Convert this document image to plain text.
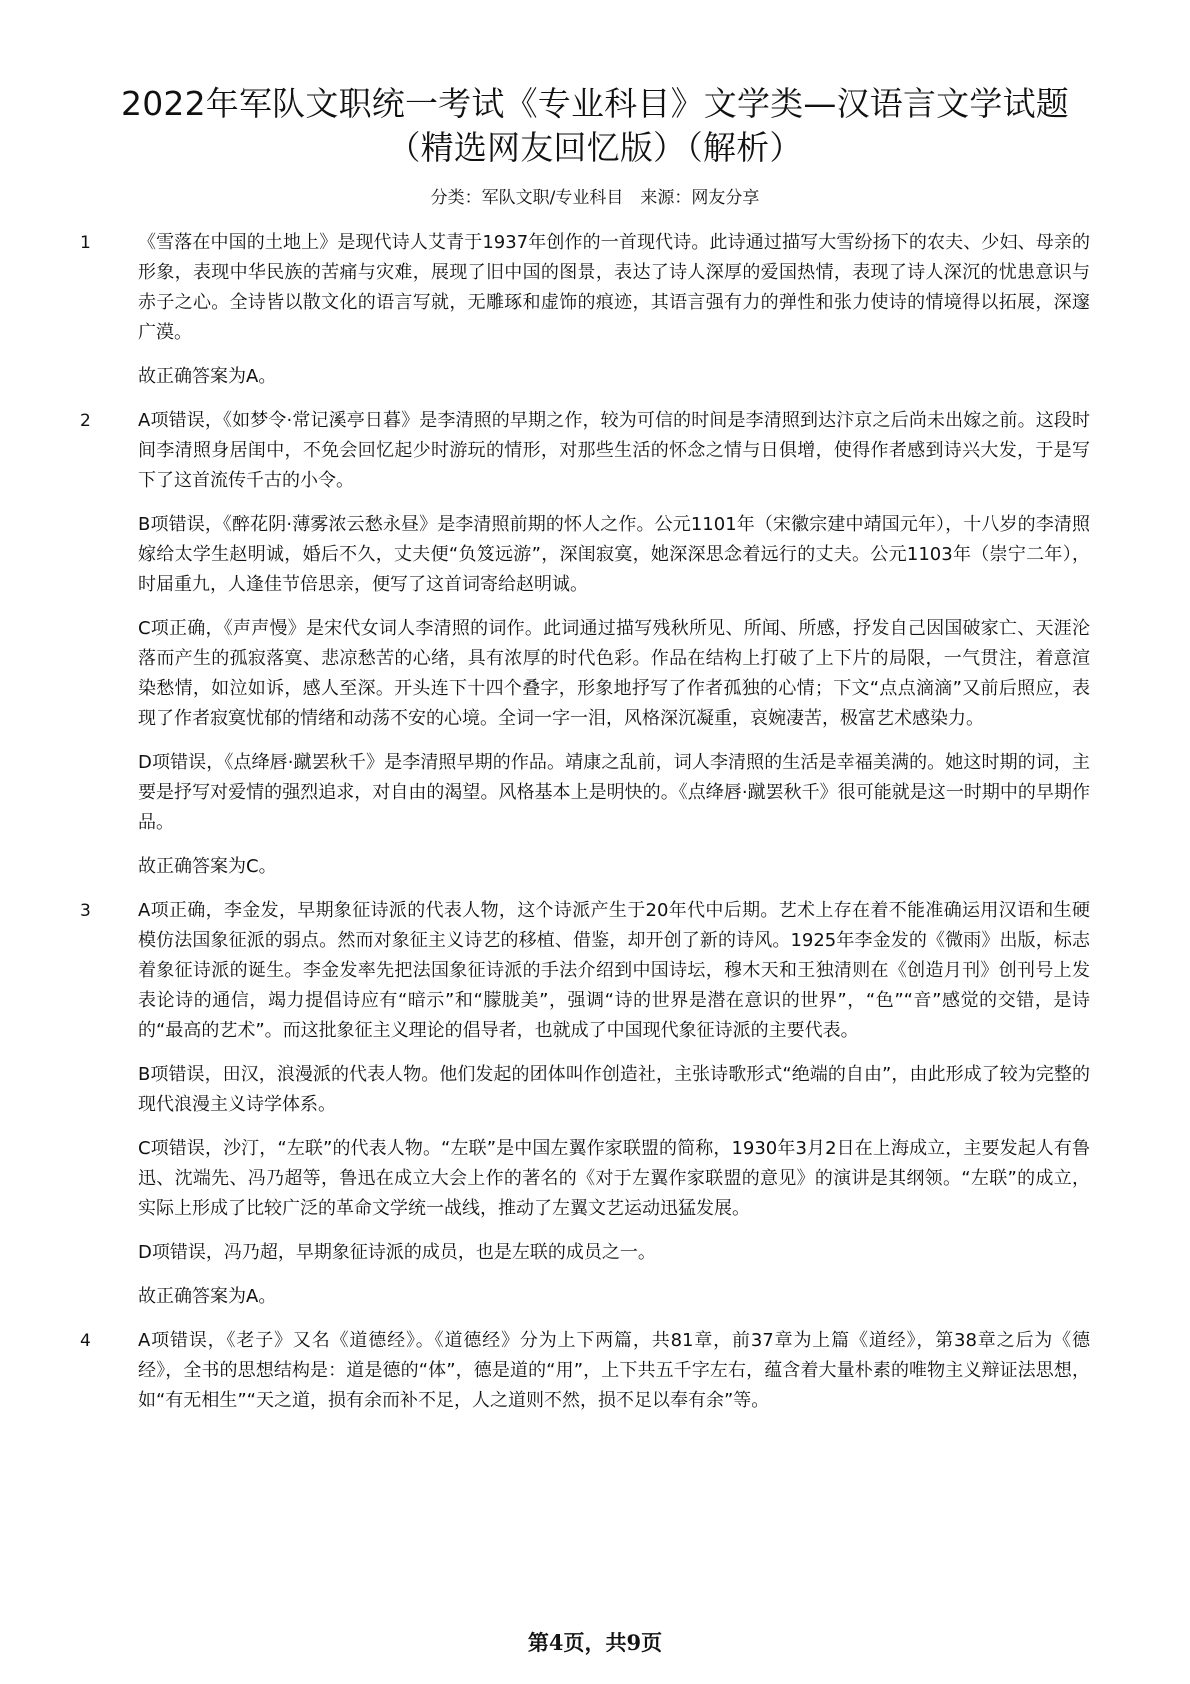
2022年军队文职统一考试《专业科目》文学类—汉语言文学试题
（精选网友回忆版）（解析）
分类：军队文职/专业科目　来源：网友分享
1	《雪落在中国的土地上》是现代诗人艾青于1937年创作的一首现代诗。此诗通过描写大雪纷扬下的农夫、少妇、母亲的形象，表现中华民族的苦痛与灾难，展现了旧中国的图景，表达了诗人深厚的爱国热情，表现了诗人深沉的忧患意识与赤子之心。全诗皆以散文化的语言写就，无雕琢和虚饰的痕迹，其语言强有力的弹性和张力使诗的情境得以拓展，深邃广漠。

故正确答案为A。

2	A项错误，《如梦令·常记溪亭日暮》是李清照的早期之作，较为可信的时间是李清照到达汴京之后尚未出嫁之前。这段时间李清照身居闺中，不免会回忆起少时游玩的情形，对那些生活的怀念之情与日俱增，使得作者感到诗兴大发，于是写下了这首流传千古的小令。

B项错误，《醉花阴·薄雾浓云愁永昼》是李清照前期的怀人之作。公元1101年（宋徽宗建中靖国元年），十八岁的李清照嫁给太学生赵明诚，婚后不久，丈夫便“负笈远游”，深闺寂寞，她深深思念着远行的丈夫。公元1103年（崇宁二年），时届重九，人逢佳节倍思亲，便写了这首词寄给赵明诚。

C项正确，《声声慢》是宋代女词人李清照的词作。此词通过描写残秋所见、所闻、所感，抒发自己因国破家亡、天涯沦落而产生的孤寂落寞、悲凉愁苦的心绪，具有浓厚的时代色彩。作品在结构上打破了上下片的局限，一气贯注，着意渲染愁情，如泣如诉，感人至深。开头连下十四个叠字，形象地抒写了作者孤独的心情；下文“点点滴滴”又前后照应，表现了作者寂寞忧郁的情绪和动荡不安的心境。全词一字一泪，风格深沉凝重，哀婉凄苦，极富艺术感染力。

D项错误，《点绛唇·蹴罢秋千》是李清照早期的作品。靖康之乱前，词人李清照的生活是幸福美满的。她这时期的词，主要是抒写对爱情的强烈追求，对自由的渴望。风格基本上是明快的。《点绛唇·蹴罢秋千》很可能就是这一时期中的早期作品。

故正确答案为C。

3	A项正确，李金发，早期象征诗派的代表人物，这个诗派产生于20年代中后期。艺术上存在着不能准确运用汉语和生硬模仿法国象征派的弱点。然而对象征主义诗艺的移植、借鉴，却开创了新的诗风。1925年李金发的《微雨》出版，标志着象征诗派的诞生。李金发率先把法国象征诗派的手法介绍到中国诗坛，穆木天和王独清则在《创造月刊》创刊号上发表论诗的通信，竭力提倡诗应有“暗示”和“朦胧美”，强调“诗的世界是潜在意识的世界”，“色”“音”感觉的交错，是诗的“最高的艺术”。而这批象征主义理论的倡导者，也就成了中国现代象征诗派的主要代表。

B项错误，田汉，浪漫派的代表人物。他们发起的团体叫作创造社，主张诗歌形式“绝端的自由”，由此形成了较为完整的现代浪漫主义诗学体系。

C项错误，沙汀，“左联”的代表人物。“左联”是中国左翼作家联盟的简称，1930年3月2日在上海成立，主要发起人有鲁迅、沈端先、冯乃超等，鲁迅在成立大会上作的著名的《对于左翼作家联盟的意见》的演讲是其纲领。“左联”的成立，实际上形成了比较广泛的革命文学统一战线，推动了左翼文艺运动迅猛发展。

D项错误，冯乃超，早期象征诗派的成员，也是左联的成员之一。

故正确答案为A。

4	A项错误，《老子》又名《道德经》。《道德经》分为上下两篇，共81章，前37章为上篇《道经》，第38章之后为《德经》，全书的思想结构是：道是德的“体”，德是道的“用”，上下共五千字左右，蕴含着大量朴素的唯物主义辩证法思想，如“有无相生”“天之道，损有余而补不足，人之道则不然，损不足以奉有余”等。

第4页，共9页
